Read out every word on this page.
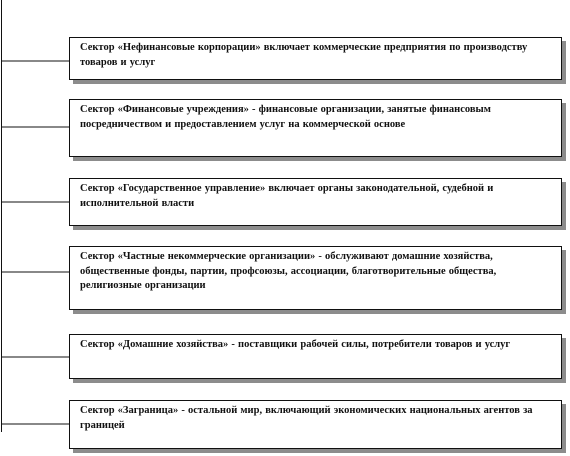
Сектор «Нефинансовые корпорации» включает коммерческие предприятия по производству товаров и услуг
Сектор «Финансовые учреждения» - финансовые организации, занятые финансовым посредничеством и предоставлением услуг на коммерческой основе
Сектор «Государственное управление» включает органы законодательной, судебной и исполнительной власти
Сектор «Частные некоммерческие организации» - обслуживают домашние хозяйства, общественные фонды, партии, профсоюзы, ассоциации, благотворительные общества, религиозные организации
Сектор «Домашние хозяйства» - поставщики рабочей силы, потребители товаров и услуг
Сектор «Заграница» - остальной мир, включающий экономических национальных агентов за границей
